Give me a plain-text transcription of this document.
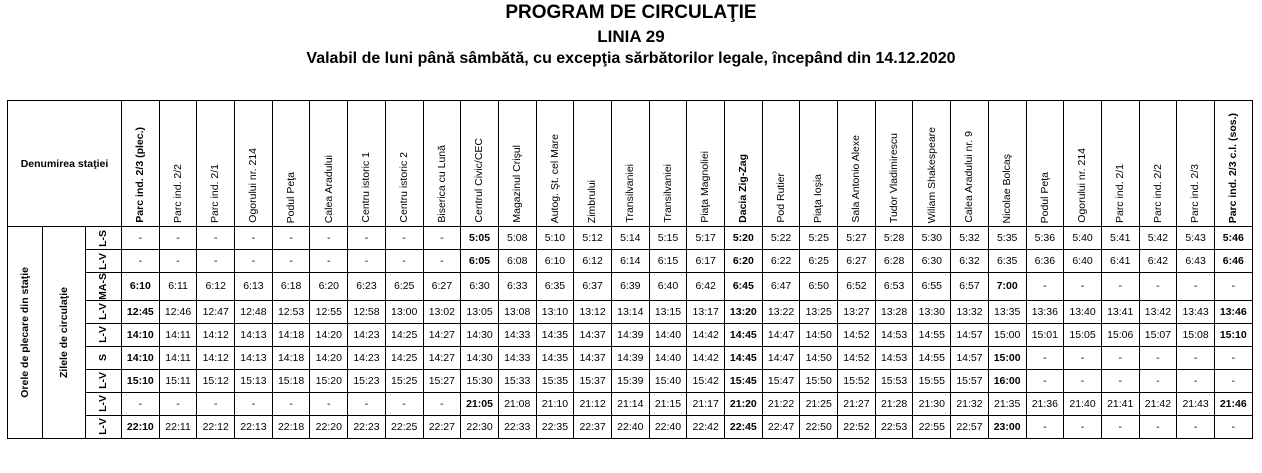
PROGRAM DE CIRCULAŢIE
LINIA 29
Valabil de luni până sâmbătă, cu excepţia sărbătorilor legale, începând din 14.12.2020
Denumirea staţiei			Parc ind. 2/3 (plec.)	Parc ind. 2/2	Parc ind. 2/1	Ogorului nr. 214	Podul Peţa	Calea Aradului	Centru istoric 1	Centru istoric 2	Biserica cu Lună	Centrul Civic/CEC	Magazinul Crişul	Autog. Şt. cel Mare	Zimbrului	Transilvaniei	Transilvaniei	Piaţa Magnoliei	Dacia Zig-Zag	Pod Rutier	Piaţa Ioşia	Sala Antonio Alexe	Tudor Vladimirescu	Wiliam Shakespeare	Calea Aradului nr. 9	Nicolae Bolcaş	Podul Peţa	Ogorului nr. 214	Parc ind. 2/1	Parc ind. 2/2	Parc ind. 2/3	Parc ind. 2/3 c.l. (sos.)

Orele de plecare din staţie	Zilele de circulaţie	L-S	-	-	-	-	-	-	-	-	-	5:05	5:08	5:10	5:12	5:14	5:15	5:17	5:20	5:22	5:25	5:27	5:28	5:30	5:32	5:35	5:36	5:40	5:41	5:42	5:43	5:46

		L-V	-	-	-	-	-	-	-	-	-	6:05	6:08	6:10	6:12	6:14	6:15	6:17	6:20	6:22	6:25	6:27	6:28	6:30	6:32	6:35	6:36	6:40	6:41	6:42	6:43	6:46

		MA-S	6:10	6:11	6:12	6:13	6:18	6:20	6:23	6:25	6:27	6:30	6:33	6:35	6:37	6:39	6:40	6:42	6:45	6:47	6:50	6:52	6:53	6:55	6:57	7:00	-	-	-	-	-	-

		L-V	12:45	12:46	12:47	12:48	12:53	12:55	12:58	13:00	13:02	13:05	13:08	13:10	13:12	13:14	13:15	13:17	13:20	13:22	13:25	13:27	13:28	13:30	13:32	13:35	13:36	13:40	13:41	13:42	13:43	13:46

		L-V	14:10	14:11	14:12	14:13	14:18	14:20	14:23	14:25	14:27	14:30	14:33	14:35	14:37	14:39	14:40	14:42	14:45	14:47	14:50	14:52	14:53	14:55	14:57	15:00	15:01	15:05	15:06	15:07	15:08	15:10

		S	14:10	14:11	14:12	14:13	14:18	14:20	14:23	14:25	14:27	14:30	14:33	14:35	14:37	14:39	14:40	14:42	14:45	14:47	14:50	14:52	14:53	14:55	14:57	15:00	-	-	-	-	-	-

		L-V	15:10	15:11	15:12	15:13	15:18	15:20	15:23	15:25	15:27	15:30	15:33	15:35	15:37	15:39	15:40	15:42	15:45	15:47	15:50	15:52	15:53	15:55	15:57	16:00	-	-	-	-	-	-

		L-V	-	-	-	-	-	-	-	-	-	21:05	21:08	21:10	21:12	21:14	21:15	21:17	21:20	21:22	21:25	21:27	21:28	21:30	21:32	21:35	21:36	21:40	21:41	21:42	21:43	21:46

		L-V	22:10	22:11	22:12	22:13	22:18	22:20	22:23	22:25	22:27	22:30	22:33	22:35	22:37	22:40	22:40	22:42	22:45	22:47	22:50	22:52	22:53	22:55	22:57	23:00	-	-	-	-	-	-
